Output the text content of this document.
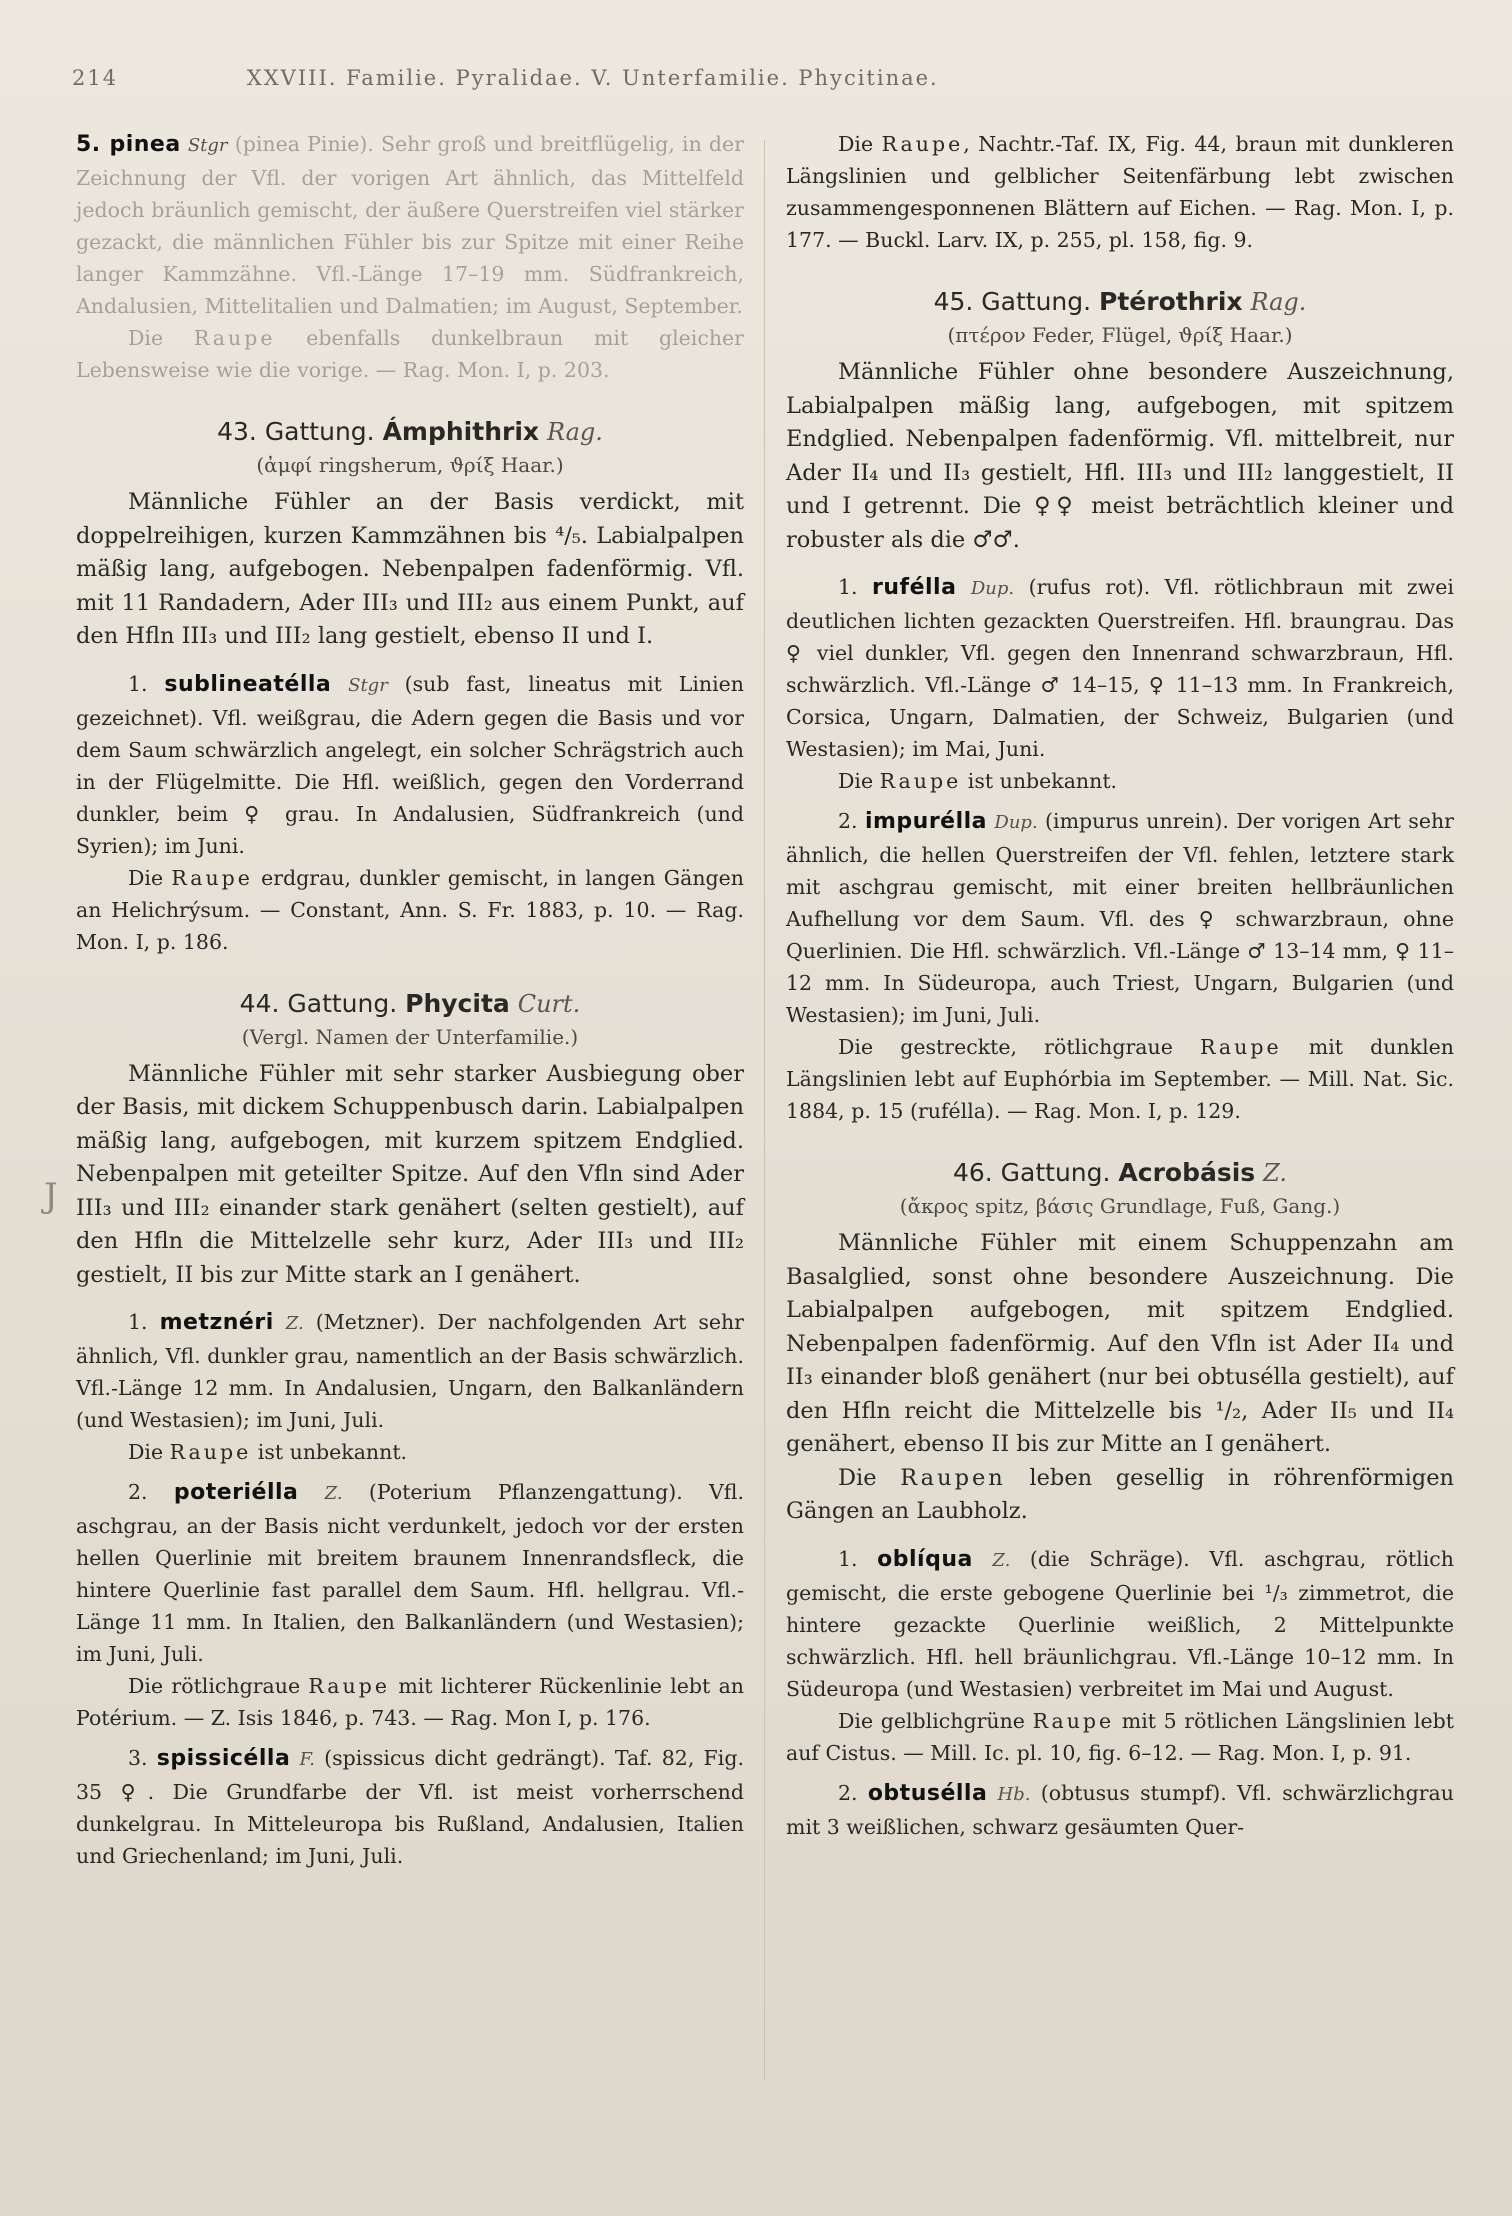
214	XXVIII. Familie. Pyralidae. V. Unterfamilie. Phycitinae.
J

5. pinea Stgr (pinea Pinie). Sehr groß und breitflügelig, in der Zeichnung der Vfl. der vorigen Art ähnlich, das Mittelfeld jedoch bräunlich gemischt, der äußere Querstreifen viel stärker gezackt, die männlichen Fühler bis zur Spitze mit einer Reihe langer Kammzähne. Vfl.-Länge 17–19 mm. Südfrankreich, Andalusien, Mittelitalien und Dalmatien; im August, September.

Die Raupe ebenfalls dunkelbraun mit gleicher Lebensweise wie die vorige. — Rag. Mon. I, p. 203.

43. Gattung. Ámphithrix Rag.

(ἀμφί ringsherum, ϑρίξ Haar.)

Männliche Fühler an der Basis verdickt, mit doppelreihigen, kurzen Kammzähnen bis ⁴/₅. Labialpalpen mäßig lang, aufgebogen. Nebenpalpen fadenförmig. Vfl. mit 11 Randadern, Ader III₃ und III₂ aus einem Punkt, auf den Hfln III₃ und III₂ lang gestielt, ebenso II und I.

1. sublineatélla Stgr (sub fast, lineatus mit Linien gezeichnet). Vfl. weißgrau, die Adern gegen die Basis und vor dem Saum schwärzlich angelegt, ein solcher Schrägstrich auch in der Flügelmitte. Die Hfl. weißlich, gegen den Vorderrand dunkler, beim ♀ grau. In Andalusien, Südfrankreich (und Syrien); im Juni.

Die Raupe erdgrau, dunkler gemischt, in langen Gängen an Helichrýsum. — Constant, Ann. S. Fr. 1883, p. 10. — Rag. Mon. I, p. 186.

44. Gattung. Phycita Curt.

(Vergl. Namen der Unterfamilie.)

Männliche Fühler mit sehr starker Ausbiegung ober der Basis, mit dickem Schuppenbusch darin. Labialpalpen mäßig lang, aufgebogen, mit kurzem spitzem Endglied. Nebenpalpen mit geteilter Spitze. Auf den Vfln sind Ader III₃ und III₂ einander stark genähert (selten gestielt), auf den Hfln die Mittelzelle sehr kurz, Ader III₃ und III₂ gestielt, II bis zur Mitte stark an I genähert.

1. metznéri Z. (Metzner). Der nachfolgenden Art sehr ähnlich, Vfl. dunkler grau, namentlich an der Basis schwärzlich. Vfl.-Länge 12 mm. In Andalusien, Ungarn, den Balkanländern (und Westasien); im Juni, Juli.

Die Raupe ist unbekannt.

2. poteriélla Z. (Poterium Pflanzengattung). Vfl. aschgrau, an der Basis nicht verdunkelt, jedoch vor der ersten hellen Querlinie mit breitem braunem Innenrandsfleck, die hintere Querlinie fast parallel dem Saum. Hfl. hellgrau. Vfl.-Länge 11 mm. In Italien, den Balkanländern (und Westasien); im Juni, Juli.

Die rötlichgraue Raupe mit lichterer Rückenlinie lebt an Potérium. — Z. Isis 1846, p. 743. — Rag. Mon I, p. 176.

3. spissicélla F. (spissicus dicht gedrängt). Taf. 82, Fig. 35 ♀. Die Grundfarbe der Vfl. ist meist vorherrschend dunkelgrau. In Mitteleuropa bis Rußland, Andalusien, Italien und Griechenland; im Juni, Juli.

Die Raupe, Nachtr.-Taf. IX, Fig. 44, braun mit dunkleren Längslinien und gelblicher Seitenfärbung lebt zwischen zusammengesponnenen Blättern auf Eichen. — Rag. Mon. I, p. 177. — Buckl. Larv. IX, p. 255, pl. 158, fig. 9.

45. Gattung. Ptérothrix Rag.

(πτέρον Feder, Flügel, ϑρίξ Haar.)

Männliche Fühler ohne besondere Auszeichnung, Labialpalpen mäßig lang, aufgebogen, mit spitzem Endglied. Nebenpalpen fadenförmig. Vfl. mittelbreit, nur Ader II₄ und II₃ gestielt, Hfl. III₃ und III₂ langgestielt, II und I getrennt. Die ♀♀ meist beträchtlich kleiner und robuster als die ♂♂.

1. rufélla Dup. (rufus rot). Vfl. rötlichbraun mit zwei deutlichen lichten gezackten Querstreifen. Hfl. braungrau. Das ♀ viel dunkler, Vfl. gegen den Innenrand schwarzbraun, Hfl. schwärzlich. Vfl.-Länge ♂ 14–15, ♀ 11–13 mm. In Frankreich, Corsica, Ungarn, Dalmatien, der Schweiz, Bulgarien (und Westasien); im Mai, Juni.

Die Raupe ist unbekannt.

2. impurélla Dup. (impurus unrein). Der vorigen Art sehr ähnlich, die hellen Querstreifen der Vfl. fehlen, letztere stark mit aschgrau gemischt, mit einer breiten hellbräunlichen Aufhellung vor dem Saum. Vfl. des ♀ schwarzbraun, ohne Querlinien. Die Hfl. schwärzlich. Vfl.-Länge ♂ 13–14 mm, ♀ 11–12 mm. In Südeuropa, auch Triest, Ungarn, Bulgarien (und Westasien); im Juni, Juli.

Die gestreckte, rötlichgraue Raupe mit dunklen Längslinien lebt auf Euphórbia im September. — Mill. Nat. Sic. 1884, p. 15 (rufélla). — Rag. Mon. I, p. 129.

46. Gattung. Acrobásis Z.

(ἄκρος spitz, βάσις Grundlage, Fuß, Gang.)

Männliche Fühler mit einem Schuppenzahn am Basalglied, sonst ohne besondere Auszeichnung. Die Labialpalpen aufgebogen, mit spitzem Endglied. Nebenpalpen fadenförmig. Auf den Vfln ist Ader II₄ und II₃ einander bloß genähert (nur bei obtusélla gestielt), auf den Hfln reicht die Mittelzelle bis ¹/₂, Ader II₅ und II₄ genähert, ebenso II bis zur Mitte an I genähert.

Die Raupen leben gesellig in röhrenförmigen Gängen an Laubholz.

1. oblíqua Z. (die Schräge). Vfl. aschgrau, rötlich gemischt, die erste gebogene Querlinie bei ¹/₃ zimmetrot, die hintere gezackte Querlinie weißlich, 2 Mittelpunkte schwärzlich. Hfl. hell bräunlichgrau. Vfl.-Länge 10–12 mm. In Südeuropa (und Westasien) verbreitet im Mai und August.

Die gelblichgrüne Raupe mit 5 rötlichen Längslinien lebt auf Cistus. — Mill. Ic. pl. 10, fig. 6–12. — Rag. Mon. I, p. 91.

2. obtusélla Hb. (obtusus stumpf). Vfl. schwärzlichgrau mit 3 weißlichen, schwarz gesäumten Quer-
